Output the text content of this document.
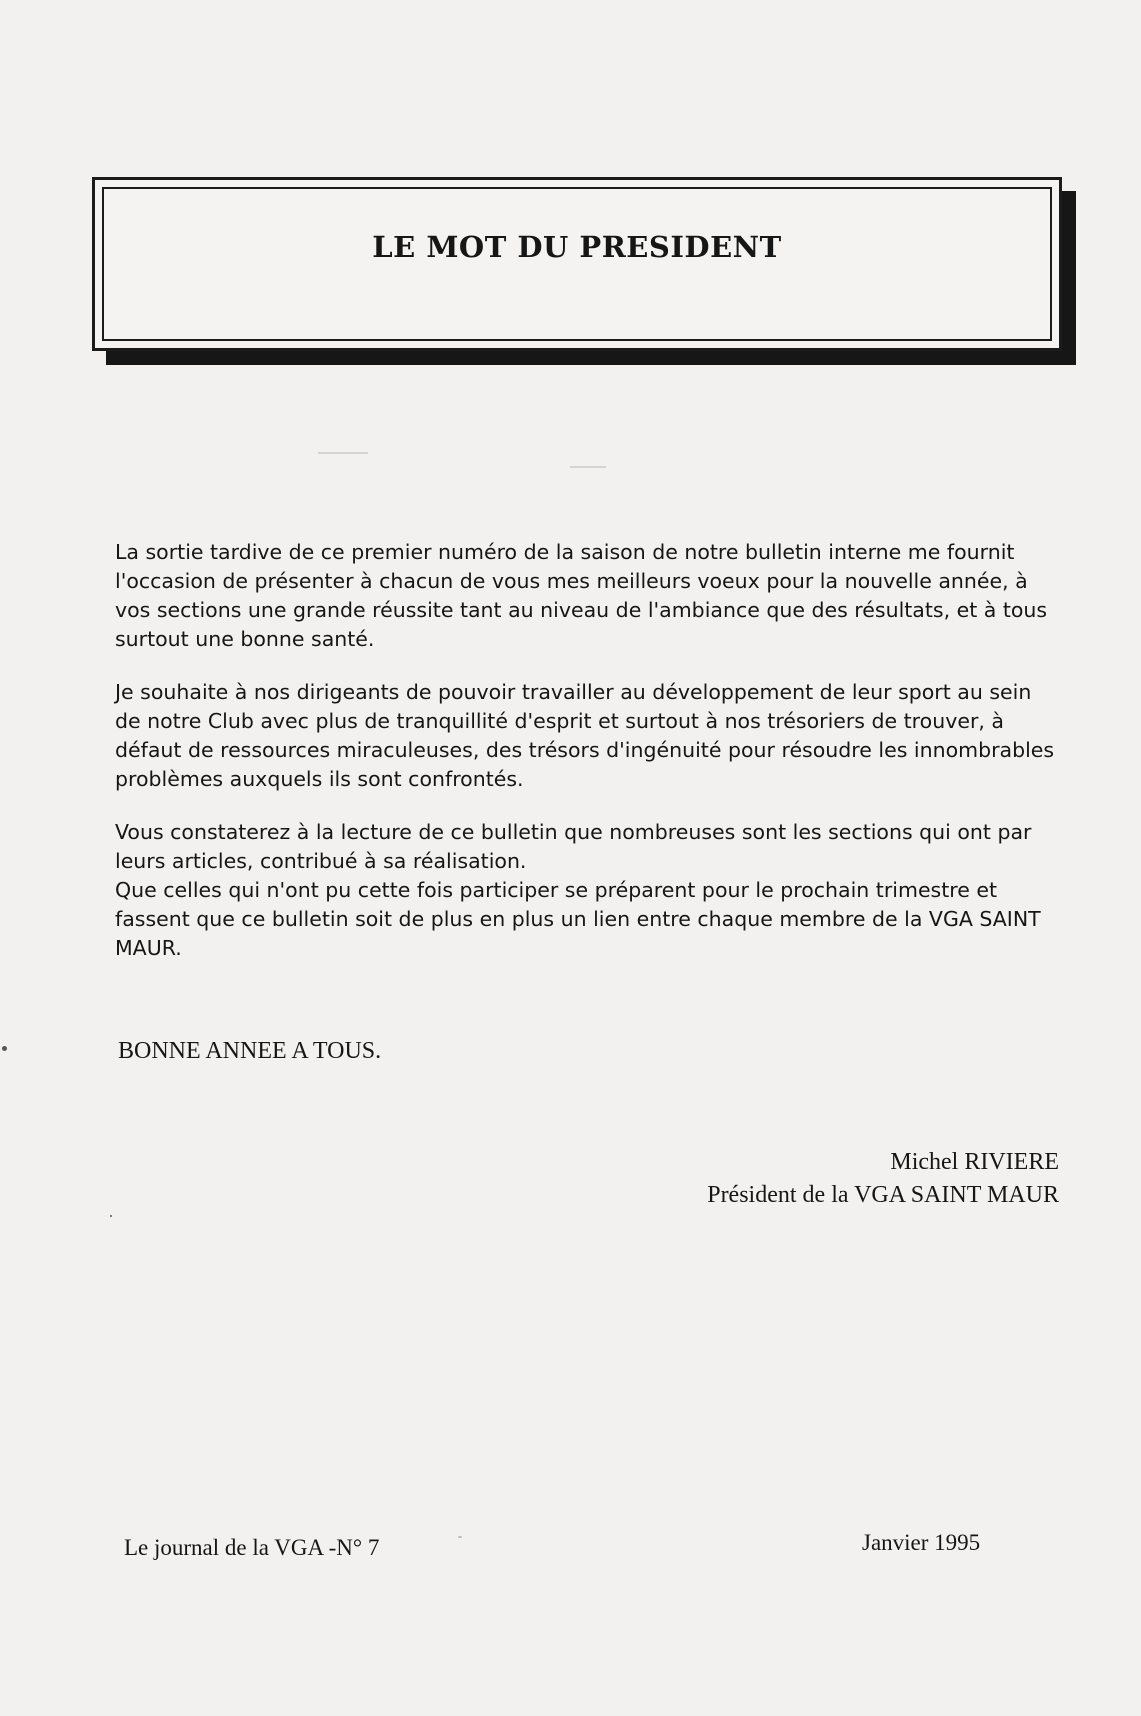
LE MOT DU PRESIDENT

La sortie tardive de ce premier numéro de la saison de notre bulletin interne me fournit l'occasion de présenter à chacun de vous mes meilleurs voeux pour la nouvelle année, à vos sections une grande réussite tant au niveau de l'ambiance que des résultats, et à tous surtout une bonne santé.

Je souhaite à nos dirigeants de pouvoir travailler au développement de leur sport au sein de notre Club avec plus de tranquillité d'esprit et surtout à nos trésoriers de trouver, à défaut de ressources miraculeuses, des trésors d'ingénuité pour résoudre les innombrables problèmes auxquels ils sont confrontés.

Vous constaterez à la lecture de ce bulletin que nombreuses sont les sections qui ont par leurs articles, contribué à sa réalisation.

Que celles qui n'ont pu cette fois participer se préparent pour le prochain trimestre et fassent que ce bulletin soit de plus en plus un lien entre chaque membre de la VGA SAINT MAUR.

BONNE ANNEE A TOUS.
Michel RIVIERE
Président de la VGA SAINT MAUR
Le journal de la VGA -N° 7	Janvier 1995
